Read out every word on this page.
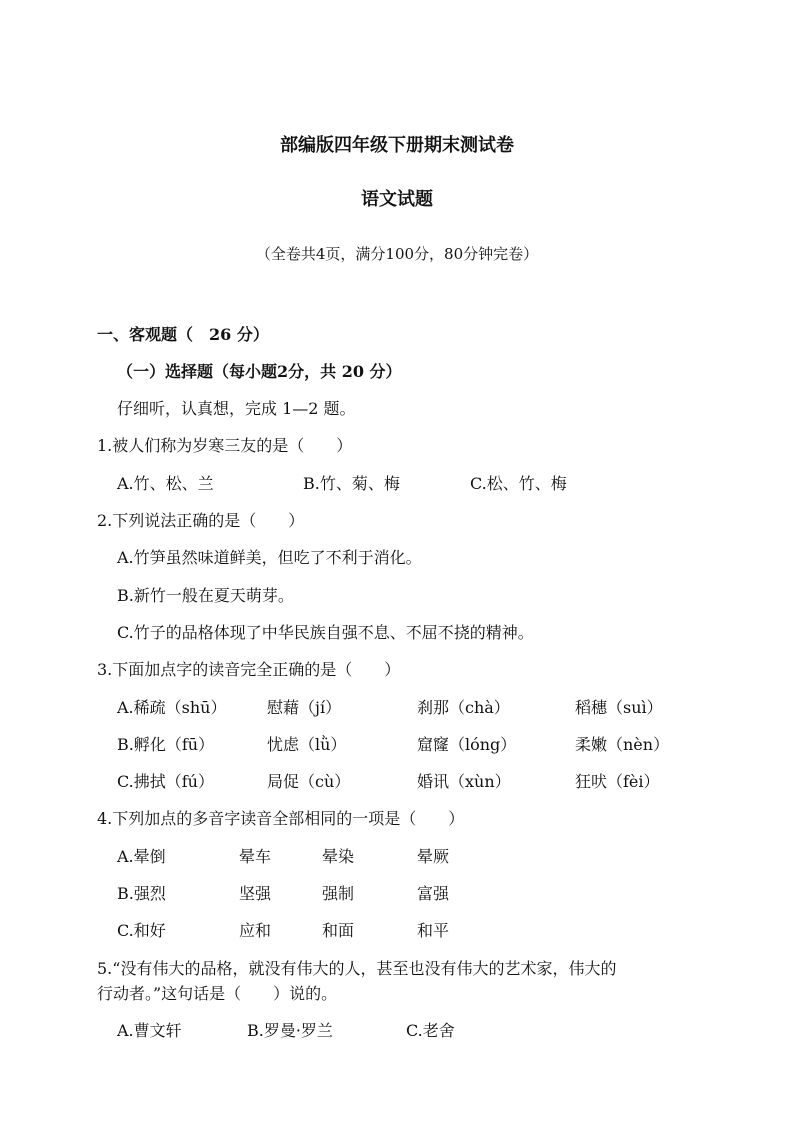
部编版四年级下册期末测试卷
语文试题
（全卷共4页，满分100分，80分钟完卷）
一、客观题（　26 分）
（一）选择题（每小题2分，共 20 分）
仔细听，认真想，完成 1—2 题。
1.被人们称为岁寒三友的是（　　）
A.竹、松、兰	B.竹、菊、梅	C.松、竹、梅
2.下列说法正确的是（　　）
A.竹笋虽然味道鲜美，但吃了不利于消化。
B.新竹一般在夏天萌芽。
C.竹子的品格体现了中华民族自强不息、不屈不挠的精神。
3.下面加点字的读音完全正确的是（　　）
A.稀疏（shū）	慰藉（jí）	刹那（chà）	稻穗（suì）
B.孵化（fū）	忧虑（lǜ）	窟窿（lóng）	柔嫩（nèn）
C.拂拭（fú）	局促（cù）	婚讯（xùn）	狂吠（fèi）
4.下列加点的多音字读音全部相同的一项是（　　）
A.晕倒	晕车	晕染	晕厥
B.强烈	坚强	强制	富强
C.和好	应和	和面	和平
5.“没有伟大的品格，就没有伟大的人，甚至也没有伟大的艺术家，伟大的
行动者。”这句话是（　　）说的。
A.曹文轩	B.罗曼·罗兰	C.老舍
